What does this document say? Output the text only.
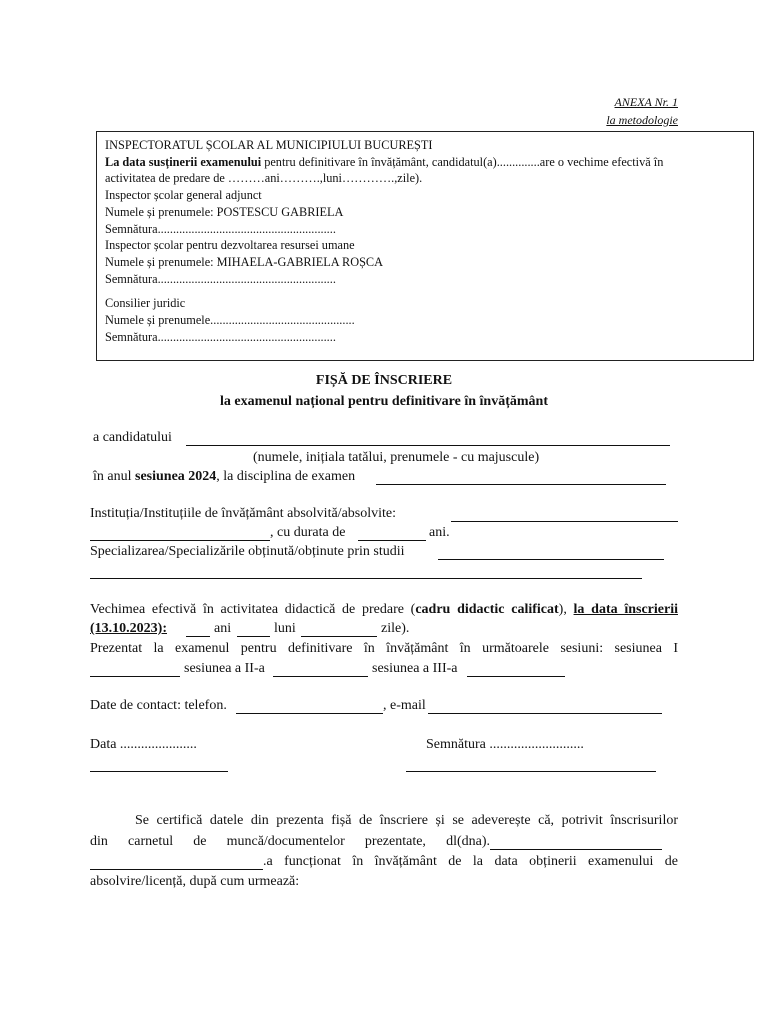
ANEXA Nr. 1
la metodologie

INSPECTORATUL ȘCOLAR AL MUNICIPIULUI BUCUREȘTI

La data susținerii examenului pentru definitivare în învățământ, candidatul(a)..............are o vechime efectivă în

activitatea de predare de ………ani……….,luni………….,zile).

Inspector școlar general adjunct

Numele și prenumele: POSTESCU GABRIELA

Semnătura..........................................................

Inspector școlar pentru dezvoltarea resursei umane

Numele și prenumele: MIHAELA-GABRIELA ROȘCA

Semnătura..........................................................

Consilier juridic

Numele și prenumele...............................................

Semnătura..........................................................

FIȘĂ DE ÎNSCRIERE
la examenul național pentru definitivare în învățământ
a candidatului
(numele, inițiala tatălui, prenumele - cu majuscule)
în anul sesiunea 2024, la disciplina de examen
Instituția/Instituțiile de învățământ absolvită/absolvite:
, cu durata de	ani.
Specializarea/Specializările obținută/obținute prin studii
Vechimea efectivă în activitatea didactică de predare (cadru didactic calificat), la data înscrierii
(13.10.2023):	ani	luni	zile).
Prezentat la examenul pentru definitivare în învățământ în următoarele sesiuni: sesiunea I
sesiunea a II-a	sesiunea a III-a
Date de contact: telefon.	, e-mail
Data ......................	Semnătura ...........................
Se certifică datele din prezenta fișă de înscriere și se adeverește că, potrivit înscrisurilor
din carnetul de muncă/documentelor prezentate, dl(dna).
.a funcționat în învățământ de la data obținerii examenului de
absolvire/licență, după cum urmează:
